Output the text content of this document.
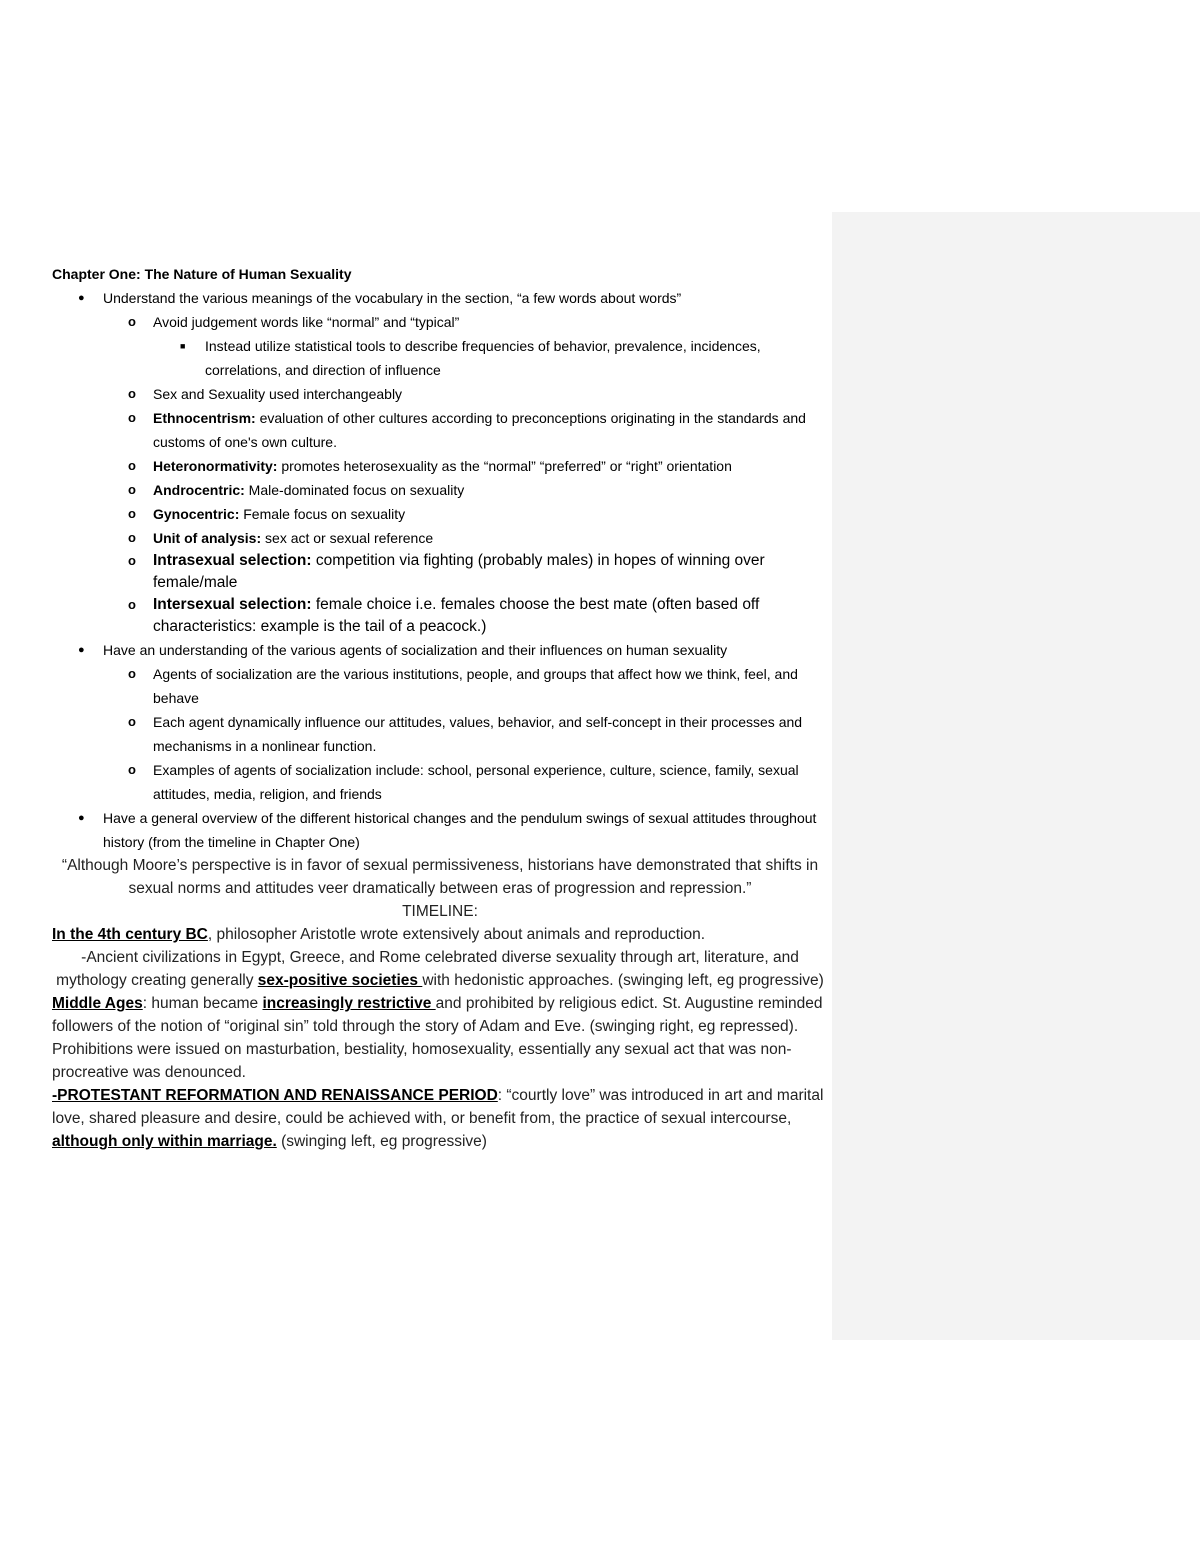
Chapter One: The Nature of Human Sexuality
● Understand the various meanings of the vocabulary in the section, “a few words about words”
o Avoid judgement words like “normal” and “typical”
■ Instead utilize statistical tools to describe frequencies of behavior, prevalence, incidences, correlations, and direction of influence
o Sex and Sexuality used interchangeably
o Ethnocentrism: evaluation of other cultures according to preconceptions originating in the standards and customs of one's own culture.
o Heteronormativity: promotes heterosexuality as the “normal” “preferred” or “right” orientation
o Androcentric: Male-dominated focus on sexuality
o Gynocentric: Female focus on sexuality
o Unit of analysis: sex act or sexual reference
o Intrasexual selection: competition via fighting (probably males) in hopes of winning over female/male
o Intersexual selection: female choice i.e. females choose the best mate (often based off characteristics: example is the tail of a peacock.)
● Have an understanding of the various agents of socialization and their influences on human sexuality
o Agents of socialization are the various institutions, people, and groups that affect how we think, feel, and behave
o Each agent dynamically influence our attitudes, values, behavior, and self-concept in their processes and mechanisms in a nonlinear function.
o Examples of agents of socialization include: school, personal experience, culture, science, family, sexual attitudes, media, religion, and friends
● Have a general overview of the different historical changes and the pendulum swings of sexual attitudes throughout history (from the timeline in Chapter One)
“Although Moore’s perspective is in favor of sexual permissiveness, historians have demonstrated that shifts in sexual norms and attitudes veer dramatically between eras of progression and repression.”
TIMELINE:
In the 4th century BC, philosopher Aristotle wrote extensively about animals and reproduction.
-Ancient civilizations in Egypt, Greece, and Rome celebrated diverse sexuality through art, literature, and mythology creating generally sex-positive societies with hedonistic approaches. (swinging left, eg progressive)
Middle Ages: human became increasingly restrictive and prohibited by religious edict. St. Augustine reminded followers of the notion of “original sin” told through the story of Adam and Eve. (swinging right, eg repressed). Prohibitions were issued on masturbation, bestiality, homosexuality, essentially any sexual act that was non-procreative was denounced.
-PROTESTANT REFORMATION AND RENAISSANCE PERIOD: “courtly love” was introduced in art and marital love, shared pleasure and desire, could be achieved with, or benefit from, the practice of sexual intercourse, although only within marriage. (swinging left, eg progressive)
